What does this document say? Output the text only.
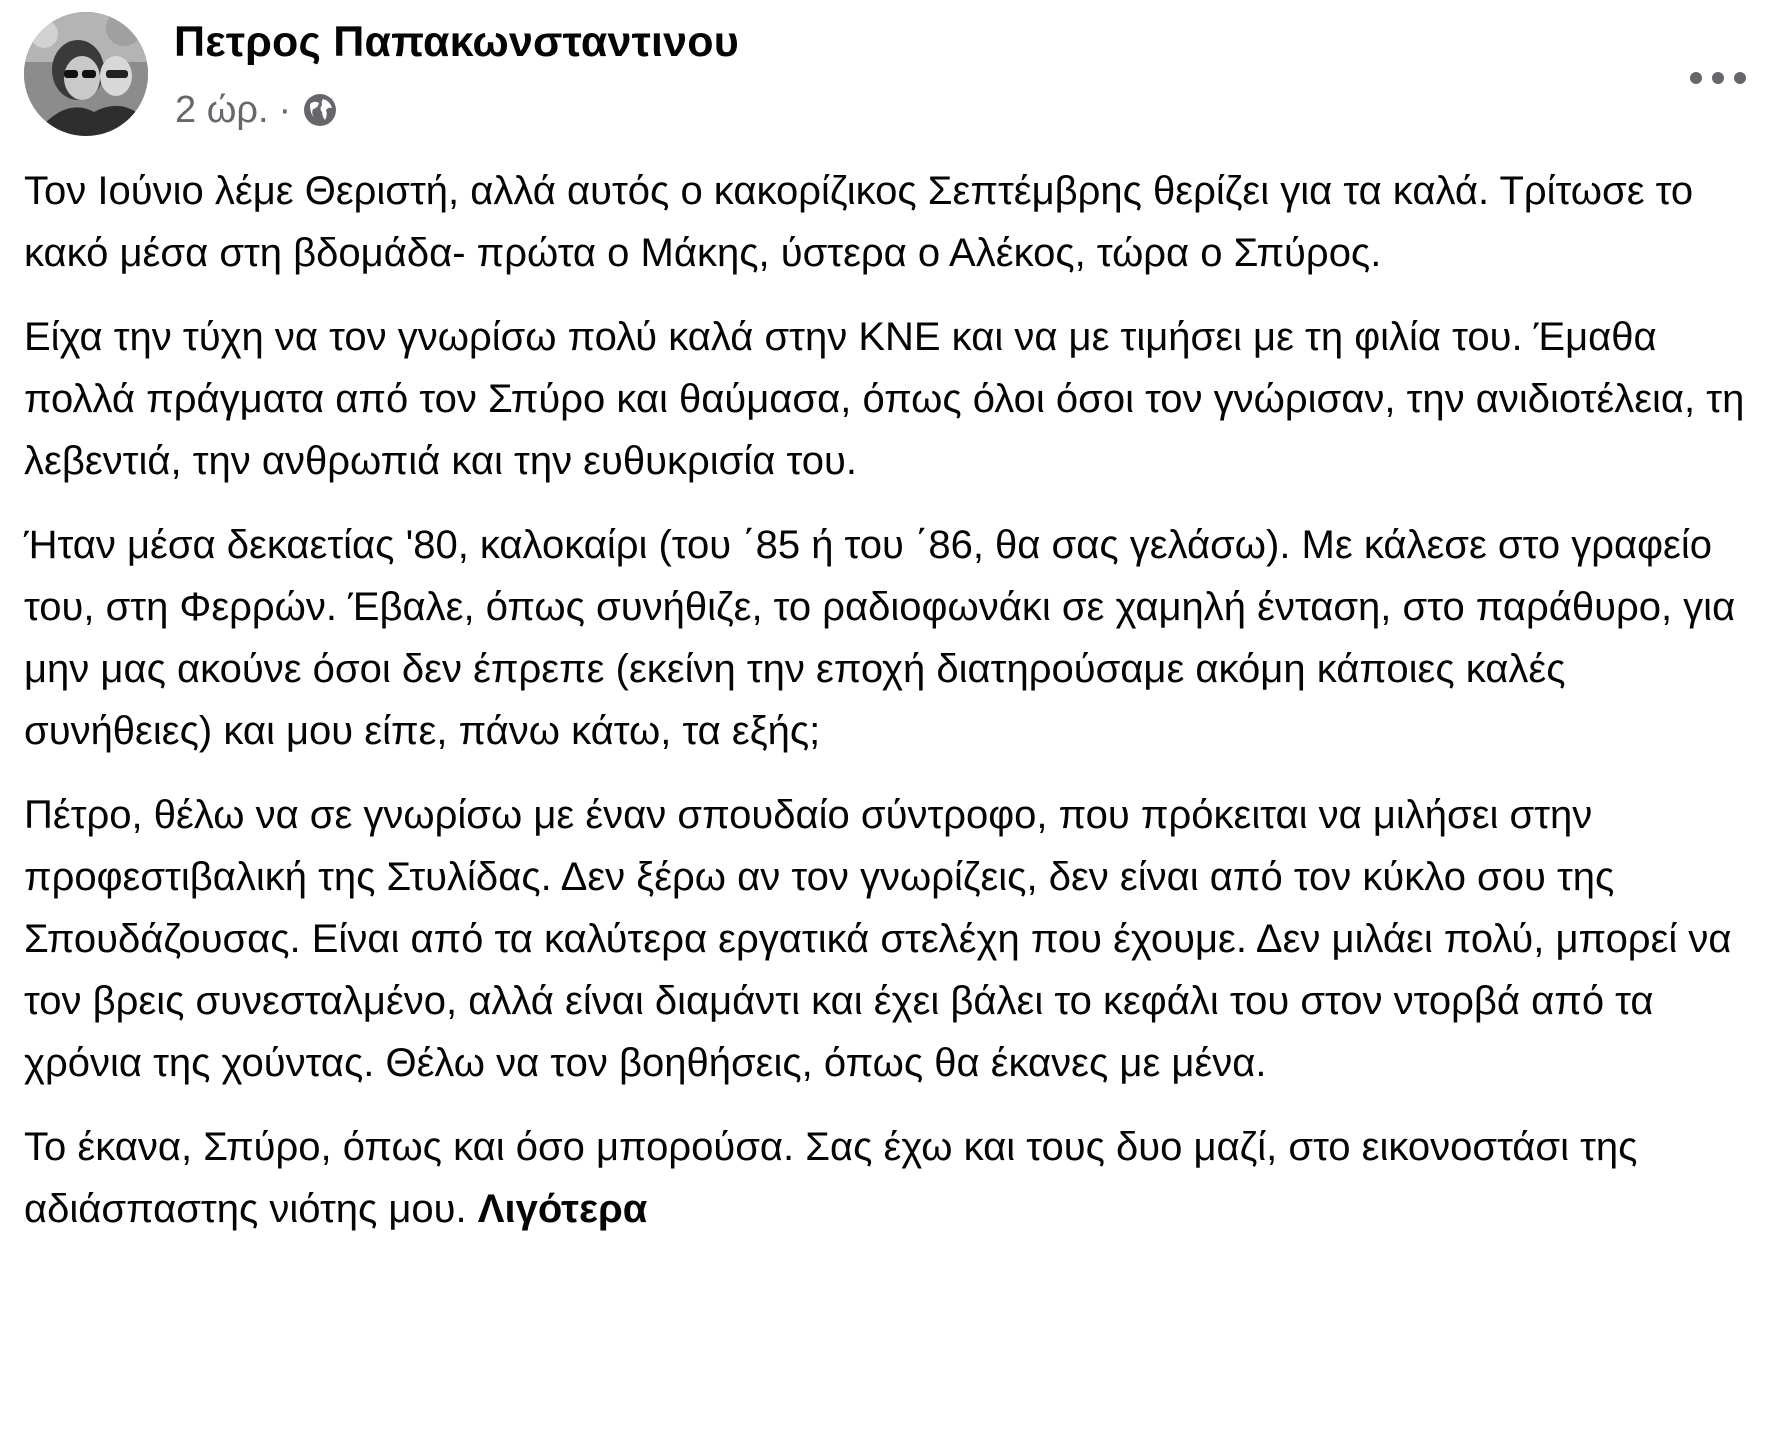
Πετρος Παπακωνσταντινου
2 ώρ. ·

Τον Ιούνιο λέμε Θεριστή, αλλά αυτός ο κακορίζικος Σεπτέμβρης θερίζει για τα καλά. Τρίτωσε το κακό μέσα στη βδομάδα- πρώτα ο Μάκης, ύστερα ο Αλέκος, τώρα ο Σπύρος.

Είχα την τύχη να τον γνωρίσω πολύ καλά στην ΚΝΕ και να με τιμήσει με τη φιλία του. Έμαθα πολλά πράγματα από τον Σπύρο και θαύμασα, όπως όλοι όσοι τον γνώρισαν, την ανιδιοτέλεια, τη λεβεντιά, την ανθρωπιά και την ευθυκρισία του.

Ήταν μέσα δεκαετίας '80, καλοκαίρι (του ΄85 ή του ΄86, θα σας γελάσω). Με κάλεσε στο γραφείο του, στη Φερρών. Έβαλε, όπως συνήθιζε, το ραδιοφωνάκι σε χαμηλή ένταση, στο παράθυρο, για μην μας ακούνε όσοι δεν έπρεπε (εκείνη την εποχή διατηρούσαμε ακόμη κάποιες καλές συνήθειες) και μου είπε, πάνω κάτω, τα εξής;

Πέτρο, θέλω να σε γνωρίσω με έναν σπουδαίο σύντροφο, που πρόκειται να μιλήσει στην προφεστιβαλική της Στυλίδας. Δεν ξέρω αν τον γνωρίζεις, δεν είναι από τον κύκλο σου της Σπουδάζουσας. Είναι από τα καλύτερα εργατικά στελέχη που έχουμε. Δεν μιλάει πολύ, μπορεί να τον βρεις συνεσταλμένο, αλλά είναι διαμάντι και έχει βάλει το κεφάλι του στον ντορβά από τα χρόνια της χούντας. Θέλω να τον βοηθήσεις, όπως θα έκανες με μένα.

Το έκανα, Σπύρο, όπως και όσο μπορούσα. Σας έχω και τους δυο μαζί, στο εικονοστάσι της αδιάσπαστης νιότης μου. Λιγότερα
